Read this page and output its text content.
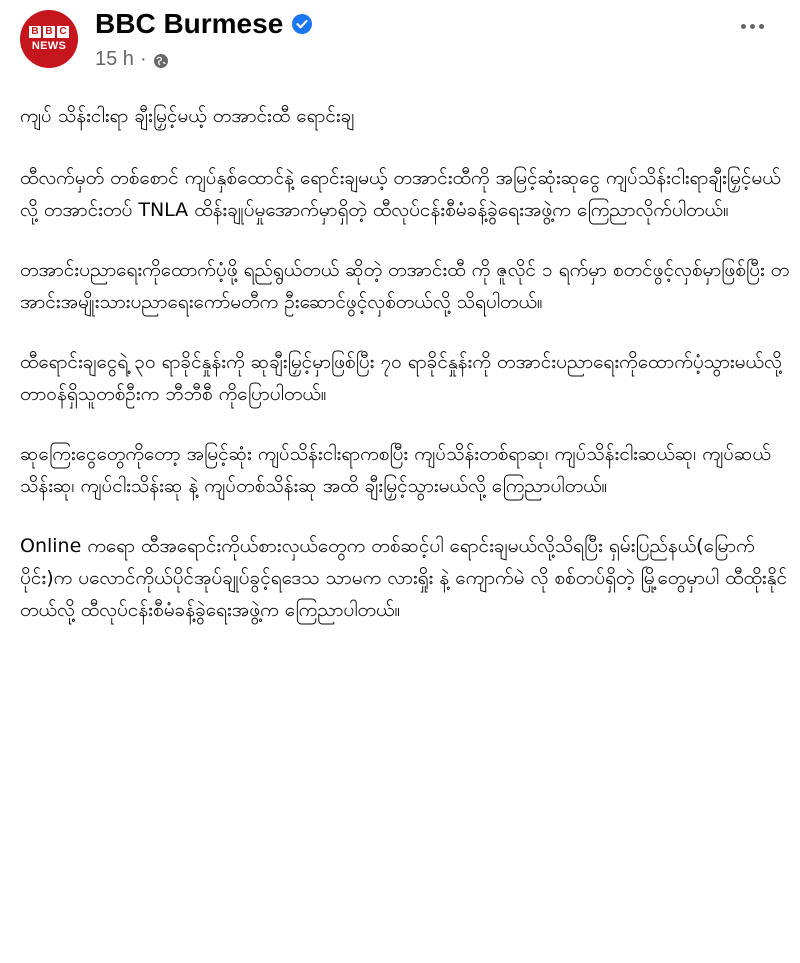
B B C
NEWS
BBC Burmese
15 h ·

ကျပ် သိန်းငါးရာ ချီးမြှင့်မယ့် တအာင်းထီ ရောင်းချ

ထီလက်မှတ် တစ်စောင် ကျပ်နှစ်ထောင်နဲ့ ရောင်းချမယ့် တအာင်းထီကို အမြင့်ဆုံးဆုငွေ ကျပ်သိန်းငါးရာချီးမြှင့်မယ်လို့ တအာင်းတပ် TNLA ထိန်းချုပ်မှုအောက်မှာရှိတဲ့ ထီလုပ်ငန်းစီမံခန့်ခွဲရေးအဖွဲ့က ကြေညာလိုက်ပါတယ်။

တအာင်းပညာရေးကိုထောက်ပံ့ဖို့ ရည်ရွယ်တယ် ဆိုတဲ့ တအာင်းထီ ကို ဇူလိုင် ၁ ရက်မှာ စတင်ဖွင့်လှစ်မှာဖြစ်ပြီး တအာင်းအမျိုးသားပညာရေးကော်မတီက ဦးဆောင်ဖွင့်လှစ်တယ်လို့ သိရပါတယ်။

ထီရောင်းချငွေရဲ့ ၃၀ ရာခိုင်နှုန်းကို ဆုချီးမြှင့်မှာဖြစ်ပြီး ၇၀ ရာခိုင်နှုန်းကို တအာင်းပညာရေးကိုထောက်ပံ့သွားမယ်လို့ တာဝန်ရှိသူတစ်ဦးက ဘီဘီစီ ကိုပြောပါတယ်။

ဆုကြေးငွေတွေကိုတော့ အမြင့်ဆုံး ကျပ်သိန်းငါးရာကစပြီး ကျပ်သိန်းတစ်ရာဆု၊ ကျပ်သိန်းငါးဆယ်ဆု၊ ကျပ်ဆယ်သိန်းဆု၊ ကျပ်ငါးသိန်းဆု နဲ့ ကျပ်တစ်သိန်းဆု အထိ ချီးမြှင့်သွားမယ်လို့ ကြေညာပါတယ်။

Online ကရော ထီအရောင်းကိုယ်စားလှယ်တွေက တစ်ဆင့်ပါ ရောင်းချမယ်လို့သိရပြီး ရှမ်းပြည်နယ်(မြောက်ပိုင်း)က ပလောင်ကိုယ်ပိုင်အုပ်ချုပ်ခွင့်ရဒေသ သာမက လားရှိုး နဲ့ ကျောက်မဲ လို စစ်တပ်ရှိတဲ့ မြို့တွေမှာပါ ထီထိုးနိုင်တယ်လို့ ထီလုပ်ငန်းစီမံခန့်ခွဲရေးအဖွဲ့က ကြေညာပါတယ်။
